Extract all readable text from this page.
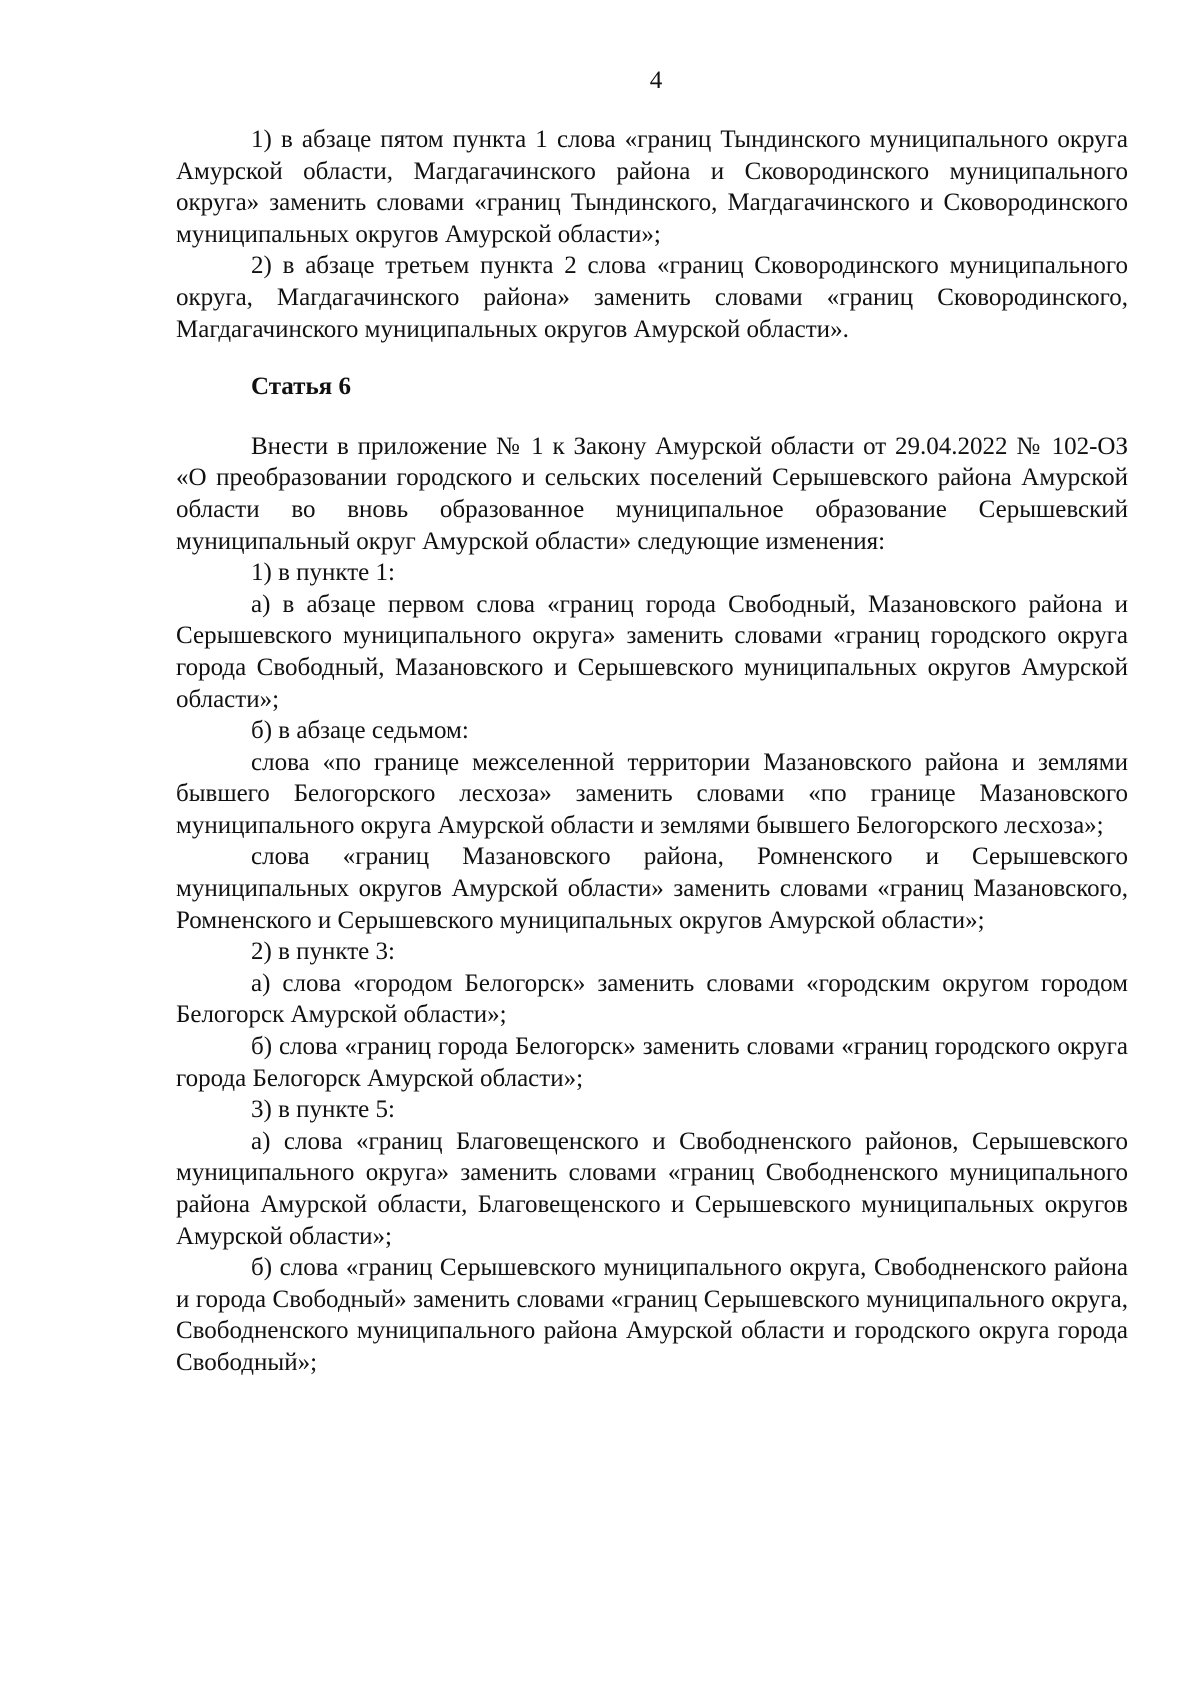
4

1) в абзаце пятом пункта 1 слова «границ Тындинского муниципального округа Амурской области, Магдагачинского района и Сковородинского муниципального округа» заменить словами «границ Тындинского, Магдагачинского и Сковородинского муниципальных округов Амурской области»;

2) в абзаце третьем пункта 2 слова «границ Сковородинского муниципального округа, Магдагачинского района» заменить словами «границ Сковородинского, Магдагачинского муниципальных округов Амурской области».

Статья 6

Внести в приложение № 1 к Закону Амурской области от 29.04.2022 № 102-ОЗ «О преобразовании городского и сельских поселений Серышевского района Амурской области во вновь образованное муниципальное образование Серышевский муниципальный округ Амурской области» следующие изменения:

1) в пункте 1:

а) в абзаце первом слова «границ города Свободный, Мазановского района и Серышевского муниципального округа» заменить словами «границ городского округа города Свободный, Мазановского и Серышевского муниципальных округов Амурской области»;

б) в абзаце седьмом:

слова «по границе межселенной территории Мазановского района и землями бывшего Белогорского лесхоза» заменить словами «по границе Мазановского муниципального округа Амурской области и землями бывшего Белогорского лесхоза»;

слова «границ Мазановского района, Ромненского и Серышевского муниципальных округов Амурской области» заменить словами «границ Мазановского, Ромненского и Серышевского муниципальных округов Амурской области»;

2) в пункте 3:

а) слова «городом Белогорск» заменить словами «городским округом городом Белогорск Амурской области»;

б) слова «границ города Белогорск» заменить словами «границ городского округа города Белогорск Амурской области»;

3) в пункте 5:

а) слова «границ Благовещенского и Свободненского районов, Серышевского муниципального округа» заменить словами «границ Свободненского муниципального района Амурской области, Благовещенского и Серышевского муниципальных округов Амурской области»;

б) слова «границ Серышевского муниципального округа, Свободненского района и города Свободный» заменить словами «границ Серышевского муниципального округа, Свободненского муниципального района Амурской области и городского округа города Свободный»;
